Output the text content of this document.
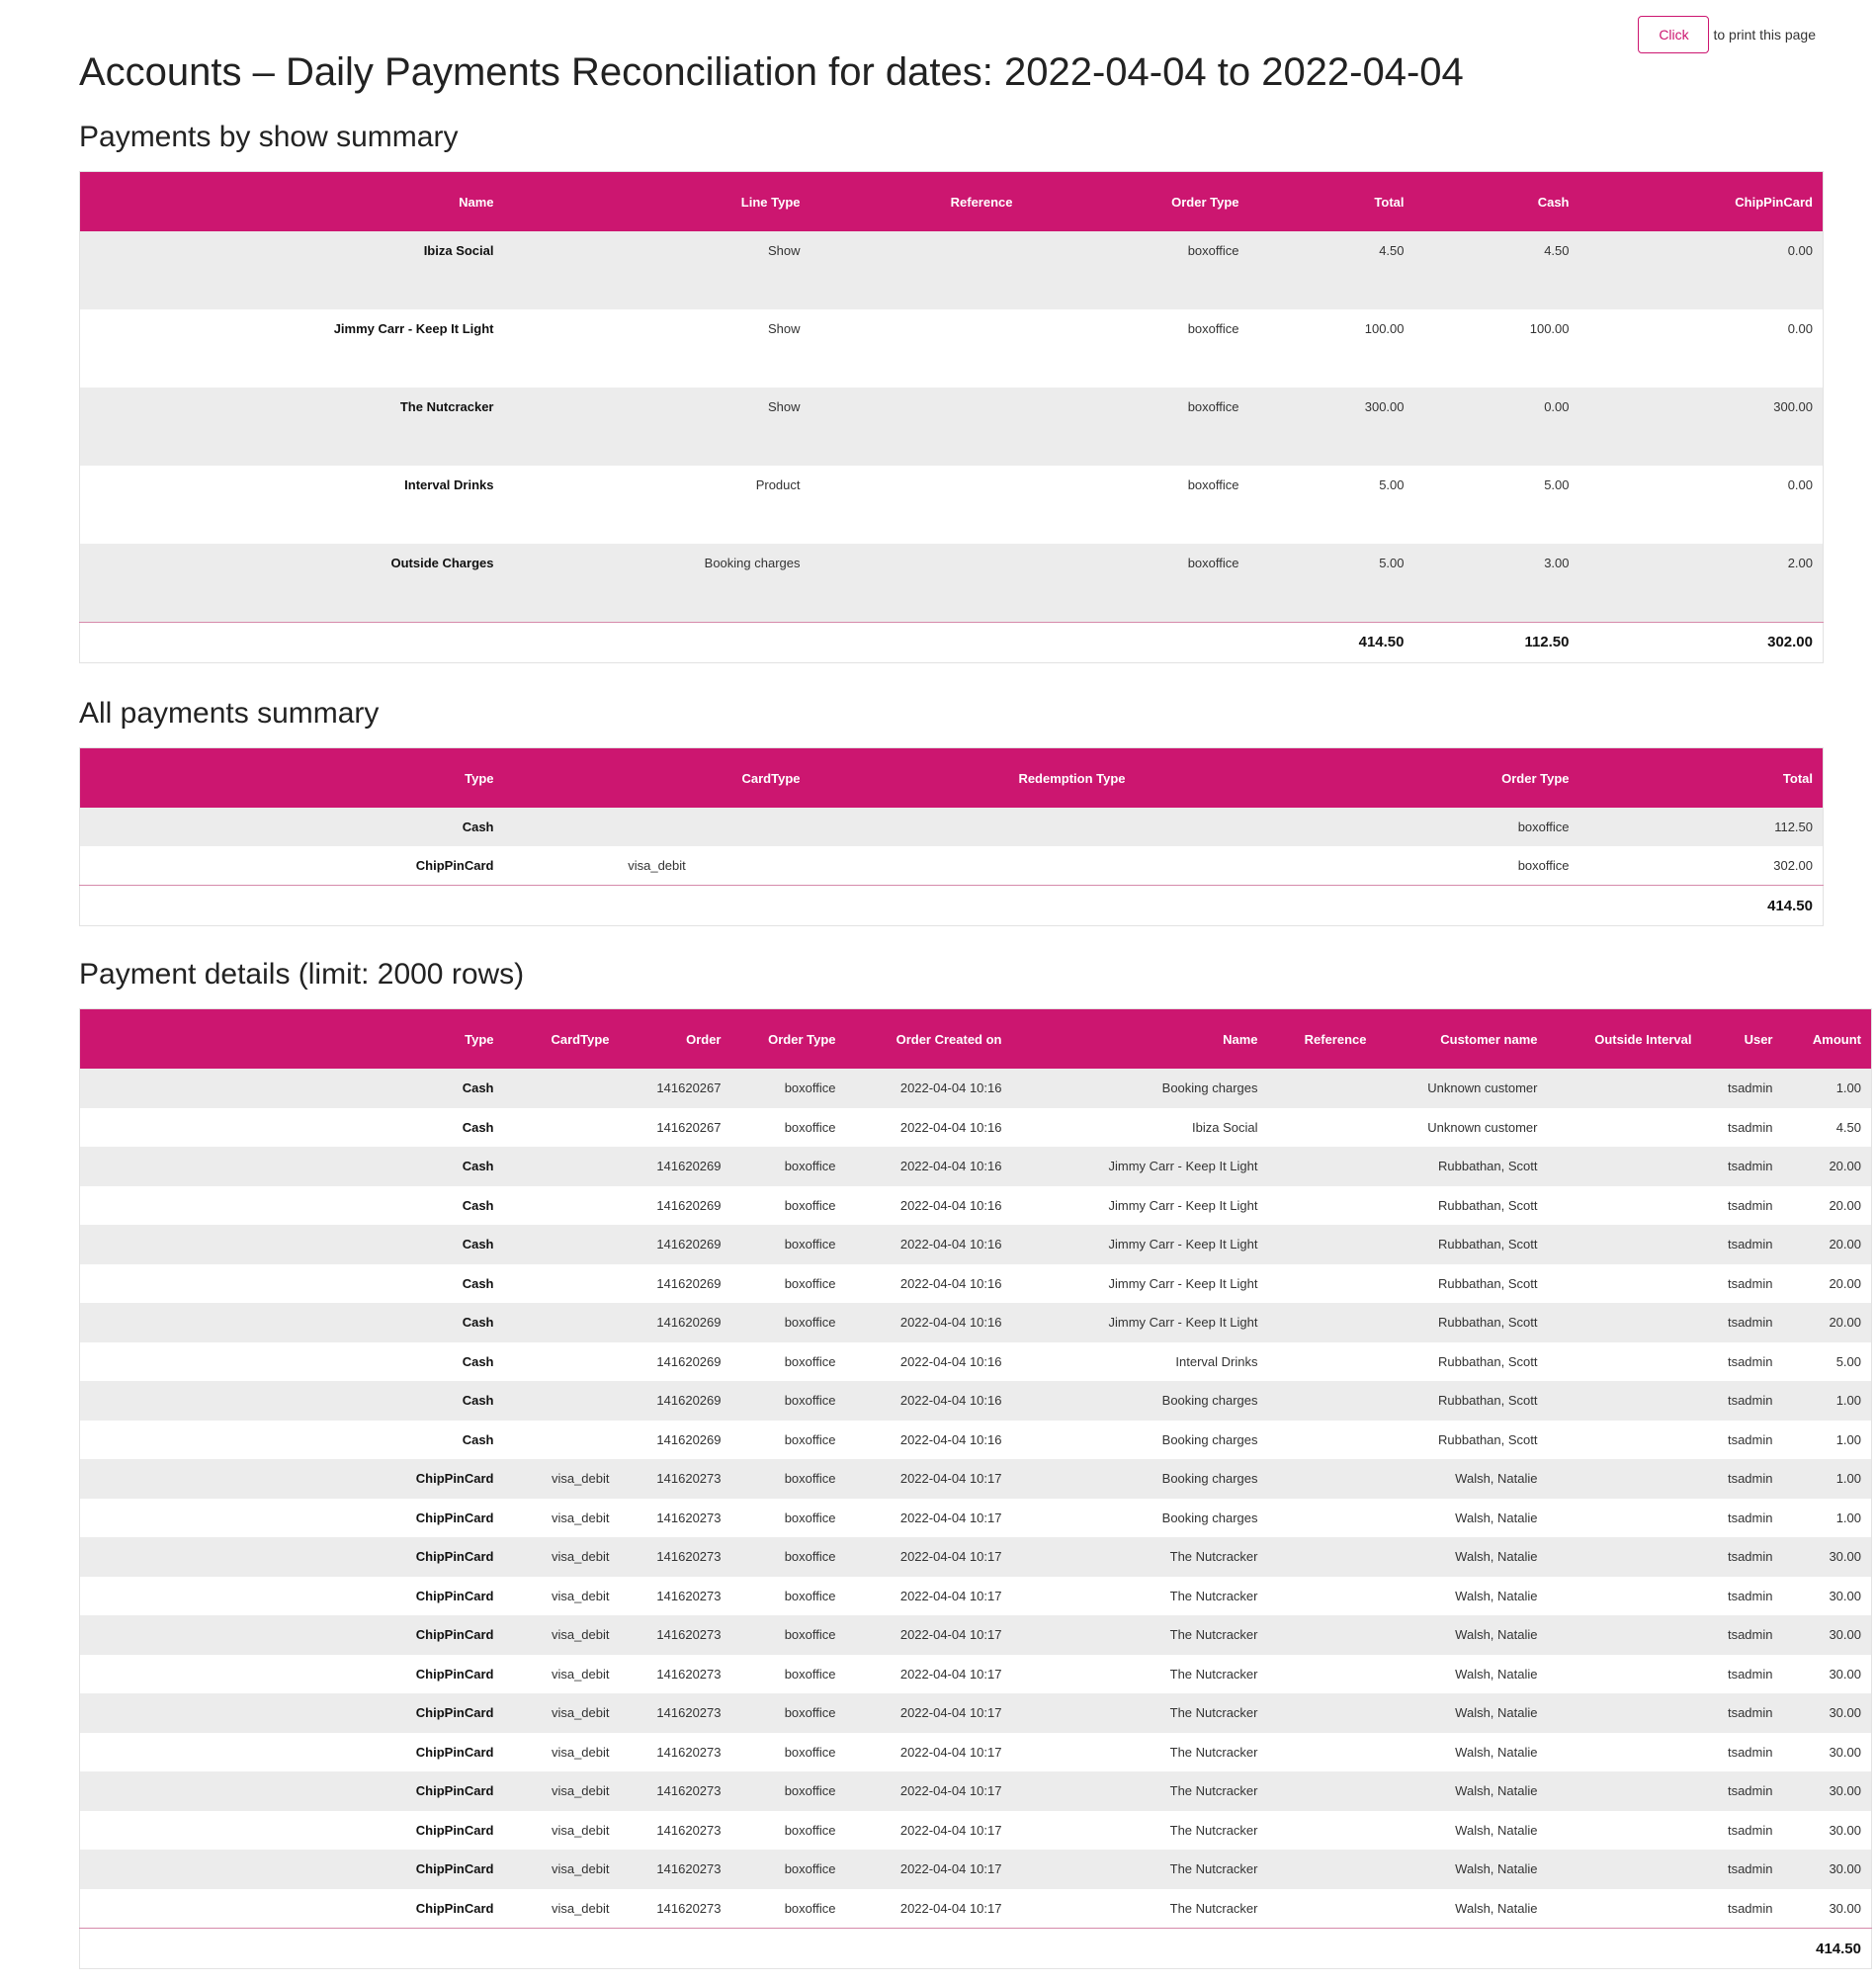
Click	to print this page
Accounts – Daily Payments Reconciliation for dates: 2022-04-04 to 2022-04-04
Payments by show summary
Name	Line Type	Reference	Order Type	Total	Cash	ChipPinCard
Ibiza Social	Show		boxoffice	4.50	4.50	0.00
Jimmy Carr - Keep It Light	Show		boxoffice	100.00	100.00	0.00
The Nutcracker	Show		boxoffice	300.00	0.00	300.00
Interval Drinks	Product		boxoffice	5.00	5.00	0.00
Outside Charges	Booking charges		boxoffice	5.00	3.00	2.00
				414.50	112.50	302.00
All payments summary
Type	CardType	Redemption Type	Order Type	Total
Cash			boxoffice	112.50
ChipPinCard	visa_debit		boxoffice	302.00
				414.50
Payment details (limit: 2000 rows)
Type	CardType	Order	Order Type	Order Created on	Name	Reference	Customer name	Outside Interval	User	Amount
Cash		141620267	boxoffice	2022-04-04 10:16	Booking charges		Unknown customer		tsadmin	1.00
Cash		141620267	boxoffice	2022-04-04 10:16	Ibiza Social		Unknown customer		tsadmin	4.50
Cash		141620269	boxoffice	2022-04-04 10:16	Jimmy Carr - Keep It Light		Rubbathan, Scott		tsadmin	20.00
Cash		141620269	boxoffice	2022-04-04 10:16	Jimmy Carr - Keep It Light		Rubbathan, Scott		tsadmin	20.00
Cash		141620269	boxoffice	2022-04-04 10:16	Jimmy Carr - Keep It Light		Rubbathan, Scott		tsadmin	20.00
Cash		141620269	boxoffice	2022-04-04 10:16	Jimmy Carr - Keep It Light		Rubbathan, Scott		tsadmin	20.00
Cash		141620269	boxoffice	2022-04-04 10:16	Jimmy Carr - Keep It Light		Rubbathan, Scott		tsadmin	20.00
Cash		141620269	boxoffice	2022-04-04 10:16	Interval Drinks		Rubbathan, Scott		tsadmin	5.00
Cash		141620269	boxoffice	2022-04-04 10:16	Booking charges		Rubbathan, Scott		tsadmin	1.00
Cash		141620269	boxoffice	2022-04-04 10:16	Booking charges		Rubbathan, Scott		tsadmin	1.00
ChipPinCard	visa_debit	141620273	boxoffice	2022-04-04 10:17	Booking charges		Walsh, Natalie		tsadmin	1.00
ChipPinCard	visa_debit	141620273	boxoffice	2022-04-04 10:17	Booking charges		Walsh, Natalie		tsadmin	1.00
ChipPinCard	visa_debit	141620273	boxoffice	2022-04-04 10:17	The Nutcracker		Walsh, Natalie		tsadmin	30.00
ChipPinCard	visa_debit	141620273	boxoffice	2022-04-04 10:17	The Nutcracker		Walsh, Natalie		tsadmin	30.00
ChipPinCard	visa_debit	141620273	boxoffice	2022-04-04 10:17	The Nutcracker		Walsh, Natalie		tsadmin	30.00
ChipPinCard	visa_debit	141620273	boxoffice	2022-04-04 10:17	The Nutcracker		Walsh, Natalie		tsadmin	30.00
ChipPinCard	visa_debit	141620273	boxoffice	2022-04-04 10:17	The Nutcracker		Walsh, Natalie		tsadmin	30.00
ChipPinCard	visa_debit	141620273	boxoffice	2022-04-04 10:17	The Nutcracker		Walsh, Natalie		tsadmin	30.00
ChipPinCard	visa_debit	141620273	boxoffice	2022-04-04 10:17	The Nutcracker		Walsh, Natalie		tsadmin	30.00
ChipPinCard	visa_debit	141620273	boxoffice	2022-04-04 10:17	The Nutcracker		Walsh, Natalie		tsadmin	30.00
ChipPinCard	visa_debit	141620273	boxoffice	2022-04-04 10:17	The Nutcracker		Walsh, Natalie		tsadmin	30.00
ChipPinCard	visa_debit	141620273	boxoffice	2022-04-04 10:17	The Nutcracker		Walsh, Natalie		tsadmin	30.00
										414.50
